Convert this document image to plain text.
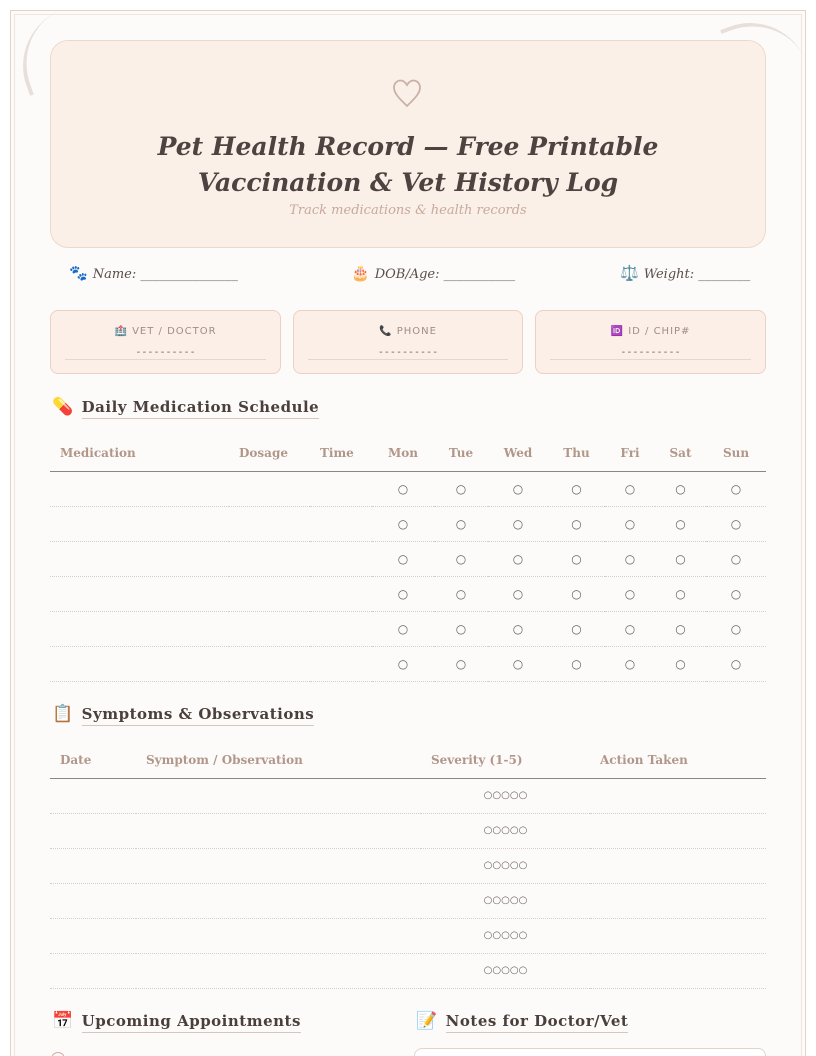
Pet Health Record — Free Printable Vaccination & Vet History Log
Track medications & health records
🐾 Name: _______________	🎂 DOB/Age: ___________	⚖️ Weight: ________
🏥 VET / DOCTOR
----------
📞 PHONE
----------
🆔 ID / CHIP#
----------
💊 Daily Medication Schedule
Medication	Dosage	Time	Mon	Tue	Wed	Thu	Fri	Sat	Sun
			○	○	○	○	○	○	○
			○	○	○	○	○	○	○
			○	○	○	○	○	○	○
			○	○	○	○	○	○	○
			○	○	○	○	○	○	○
			○	○	○	○	○	○	○
📋 Symptoms & Observations
Date	Symptom / Observation	Severity (1-5)	Action Taken
		○○○○○	
		○○○○○	
		○○○○○	
		○○○○○	
		○○○○○	
		○○○○○	
📅 Upcoming Appointments	📝 Notes for Doctor/Vet
